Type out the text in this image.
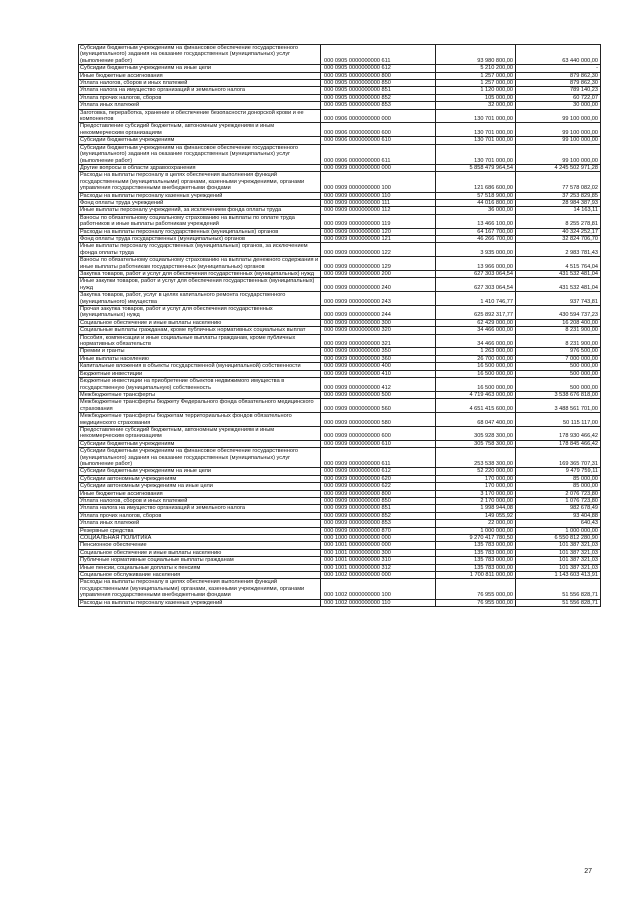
Субсидии бюджетным учреждениям на финансовое обеспечение государственного (муниципального) задания на оказание государственных (муниципальных) услуг (выполнение работ)	000 0905 0000000000 611	93 980 800,00	63 440 000,00
Субсидии бюджетным учреждениям на иные цели	000 0905 0000000000 612	5 210 200,00	-
Иные бюджетные ассигнования	000 0905 0000000000 800	1 257 000,00	879 862,30
Уплата налогов, сборов и иных платежей	000 0905 0000000000 850	1 257 000,00	879 862,30
Уплата налога на имущество организаций и земельного налога	000 0905 0000000000 851	1 120 000,00	789 140,23
Уплата прочих налогов, сборов	000 0905 0000000000 852	105 000,00	60 722,07
Уплата иных платежей	000 0905 0000000000 853	32 000,00	30 000,00
Заготовка, переработка, хранение и обеспечение безопасности донорской крови и ее компонентов	000 0906 0000000000 000	130 701 000,00	99 100 000,00
Предоставление субсидий бюджетным, автономным учреждениям и иным некоммерческим организациям	000 0906 0000000000 600	130 701 000,00	99 100 000,00
Субсидии бюджетным учреждениям	000 0906 0000000000 610	130 701 000,00	99 100 000,00
Субсидии бюджетным учреждениям на финансовое обеспечение государственного (муниципального) задания на оказание государственных (муниципальных) услуг (выполнение работ)	000 0906 0000000000 611	130 701 000,00	99 100 000,00
Другие вопросы в области здравоохранения	000 0909 0000000000 000	5 858 479 964,54	4 245 502 971,28
Расходы на выплаты персоналу в целях обеспечения выполнения функций государственными (муниципальными) органами, казенными учреждениями, органами управления государственными внебюджетными фондами	000 0909 0000000000 100	121 686 600,00	77 578 082,02
Расходы на выплаты персоналу казенных учреждений	000 0909 0000000000 110	57 518 900,00	37 253 829,85
Фонд оплаты труда учреждений	000 0909 0000000000 111	44 016 800,00	28 984 387,93
Иные выплаты персоналу учреждений, за исключением фонда оплаты труда	000 0909 0000000000 112	36 000,00	14 163,11
Взносы по обязательному социальному страхованию на выплаты по оплате труда работников и иные выплаты работникам учреждений	000 0909 0000000000 119	13 466 100,00	8 255 278,81
Расходы на выплаты персоналу государственных (муниципальных) органов	000 0909 0000000000 120	64 167 700,00	40 324 252,17
Фонд оплаты труда государственных (муниципальных) органов	000 0909 0000000000 121	46 266 700,00	32 824 706,70
Иные выплаты персоналу государственных (муниципальных) органов, за исключением фонда оплаты труда	000 0909 0000000000 122	3 935 000,00	2 983 781,43
Взносы по обязательному социальному страхованию на выплаты денежного содержания и иные выплаты работникам государственных (муниципальных) органов	000 0909 0000000000 129	13 966 000,00	4 515 764,04
Закупка товаров, работ и услуг для обеспечения государственных (муниципальных) нужд	000 0909 0000000000 200	627 303 064,54	431 532 481,04
Иные закупки товаров, работ и услуг для обеспечения государственных (муниципальных) нужд	000 0909 0000000000 240	627 303 064,54	431 532 481,04
Закупка товаров, работ, услуг в целях капитального ремонта государственного (муниципального) имущества	000 0909 0000000000 243	1 410 746,77	937 743,81
Прочая закупка товаров, работ и услуг для обеспечения государственных (муниципальных) нужд	000 0909 0000000000 244	625 892 317,77	430 594 737,23
Социальное обеспечение и иные выплаты населению	000 0909 0000000000 300	62 429 000,00	16 208 400,00
Социальные выплаты гражданам, кроме публичных нормативных социальных выплат	000 0909 0000000000 320	34 466 000,00	8 231 900,00
Пособия, компенсации и иные социальные выплаты гражданам, кроме публичных нормативных обязательств	000 0909 0000000000 321	34 466 000,00	8 231 900,00
Премии и гранты	000 0909 0000000000 350	1 263 000,00	976 500,00
Иные выплаты населению	000 0909 0000000000 360	26 700 000,00	7 000 000,00
Капитальные вложения в объекты государственной (муниципальной) собственности	000 0909 0000000000 400	16 500 000,00	500 000,00
Бюджетные инвестиции	000 0909 0000000000 410	16 500 000,00	500 000,00
Бюджетные инвестиции на приобретение объектов недвижимого имущества в государственную (муниципальную) собственность	000 0909 0000000000 412	16 500 000,00	500 000,00
Межбюджетные трансферты	000 0909 0000000000 500	4 719 463 000,00	3 538 676 818,00
Межбюджетные трансферты бюджету Федерального фонда обязательного медицинского страхования	000 0909 0000000000 560	4 651 415 600,00	3 488 561 701,00
Межбюджетные трансферты бюджетам территориальных фондов обязательного медицинского страхования	000 0909 0000000000 580	68 047 400,00	50 115 117,00
Предоставление субсидий бюджетным, автономным учреждениям и иным некоммерческим организациям	000 0909 0000000000 600	305 928 300,00	178 930 466,42
Субсидии бюджетным учреждениям	000 0909 0000000000 610	305 758 300,00	178 845 466,42
Субсидии бюджетным учреждениям на финансовое обеспечение государственного (муниципального) задания на оказание государственных (муниципальных) услуг (выполнение работ)	000 0909 0000000000 611	253 538 300,00	169 365 707,31
Субсидии бюджетным учреждениям на иные цели	000 0909 0000000000 612	52 220 000,00	9 479 759,11
Субсидии автономным учреждениям	000 0909 0000000000 620	170 000,00	85 000,00
Субсидии автономным учреждениям на иные цели	000 0909 0000000000 622	170 000,00	85 000,00
Иные бюджетные ассигнования	000 0909 0000000000 800	3 170 000,00	2 076 723,80
Уплата налогов, сборов и иных платежей	000 0909 0000000000 850	2 170 000,00	1 076 723,80
Уплата налога на имущество организаций и земельного налога	000 0909 0000000000 851	1 998 944,08	982 678,49
Уплата прочих налогов, сборов	000 0909 0000000000 852	149 055,92	93 404,88
Уплата иных платежей	000 0909 0000000000 853	22 000,00	640,43
Резервные средства	000 0909 0000000000 870	1 000 000,00	1 000 000,00
СОЦИАЛЬНАЯ ПОЛИТИКА	000 1000 0000000000 000	9 270 417 780,50	6 550 812 280,90
Пенсионное обеспечение	000 1001 0000000000 000	135 783 000,00	101 387 321,03
Социальное обеспечение и иные выплаты населению	000 1001 0000000000 300	135 783 000,00	101 387 321,03
Публичные нормативные социальные выплаты гражданам	000 1001 0000000000 310	135 783 000,00	101 387 321,03
Иные пенсии, социальные доплаты к пенсиям	000 1001 0000000000 312	135 783 000,00	101 387 321,03
Социальное обслуживание населения	000 1002 0000000000 000	1 700 811 000,00	1 143 603 413,91
Расходы на выплаты персоналу в целях обеспечения выполнения функций государственными (муниципальными) органами, казенными учреждениями, органами управления государственными внебюджетными фондами	000 1002 0000000000 100	76 955 000,00	51 556 828,71
Расходы на выплаты персоналу казенных учреждений	000 1002 0000000000 110	76 955 000,00	51 556 828,71
27
